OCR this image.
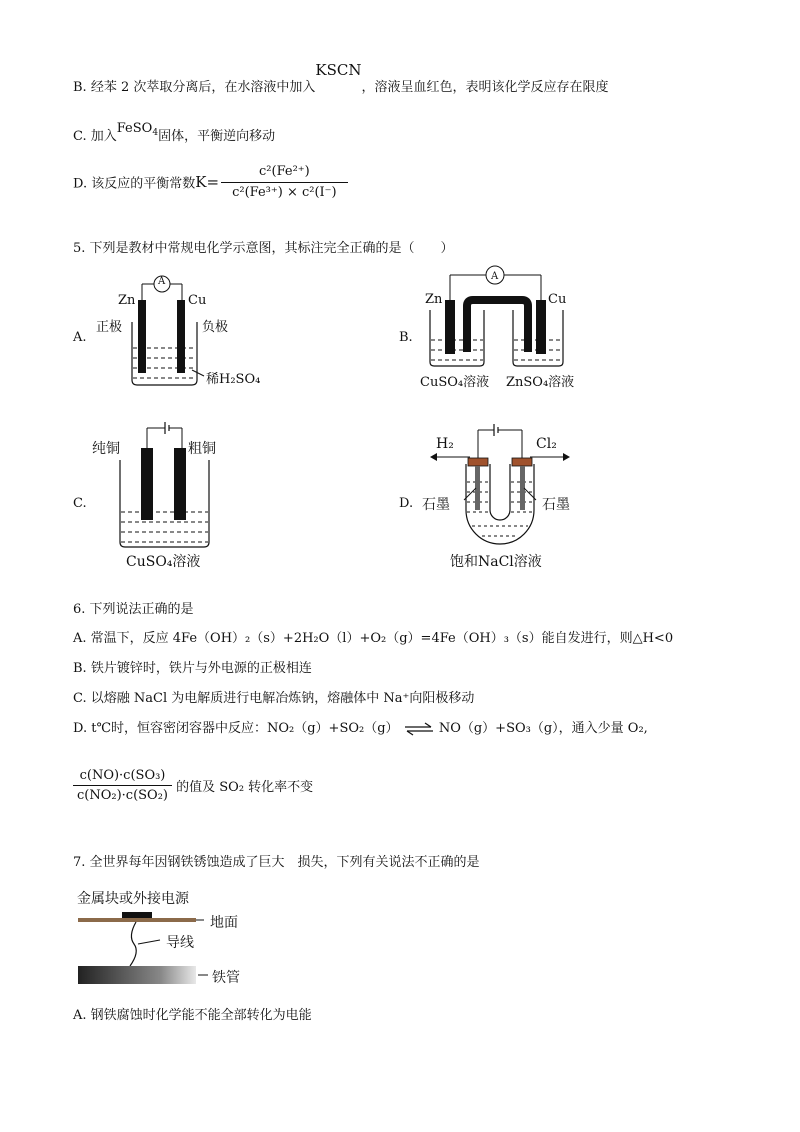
B. 经苯 2 次萃取分离后，在水溶液中加入KSCN，溶液呈血红色，表明该化学反应存在限度
C. 加入FeSO$_4$固体，平衡逆向移动
D. 该反应的平衡常数$K= \frac{\text{c²(Fe²⁺)}}{\text{c²(Fe³⁺) × c²(I⁻)}}$
5. 下列是教材中常规电化学示意图，其标注完全正确的是（　　）
A.
A
Zn	Cu
正极	负极
稀H₂SO₄
B.
A
Zn	Cu
CuSO₄溶液 ZnSO₄溶液
C.
纯铜	粗铜
CuSO₄溶液
D.
H₂	Cl₂
石墨	石墨
饱和NaCl溶液
6. 下列说法正确的是
A. 常温下，反应 4Fe（OH）₂（s）+2H₂O（l）+O₂（g）=4Fe（OH）₃（s）能自发进行，则△H<0
B. 铁片镀锌时，铁片与外电源的正极相连
C. 以熔融 NaCl 为电解质进行电解冶炼钠，熔融体中 Na⁺向阳极移动
D. t℃时，恒容密闭容器中反应：NO₂（g）+SO₂（g） ⇌ NO（g）+SO₃（g），通入少量 O₂,
$\frac{\text{c(NO)·c(SO₃)}}{\text{c(NO₂)·c(SO₂)}}$ 的值及 SO₂ 转化率不变
7. 全世界每年因钢铁锈蚀造成了巨大　损失，下列有关说法不正确的是
金属块或外接电源
地面
导线
铁管
A. 钢铁腐蚀时化学能不能全部转化为电能
